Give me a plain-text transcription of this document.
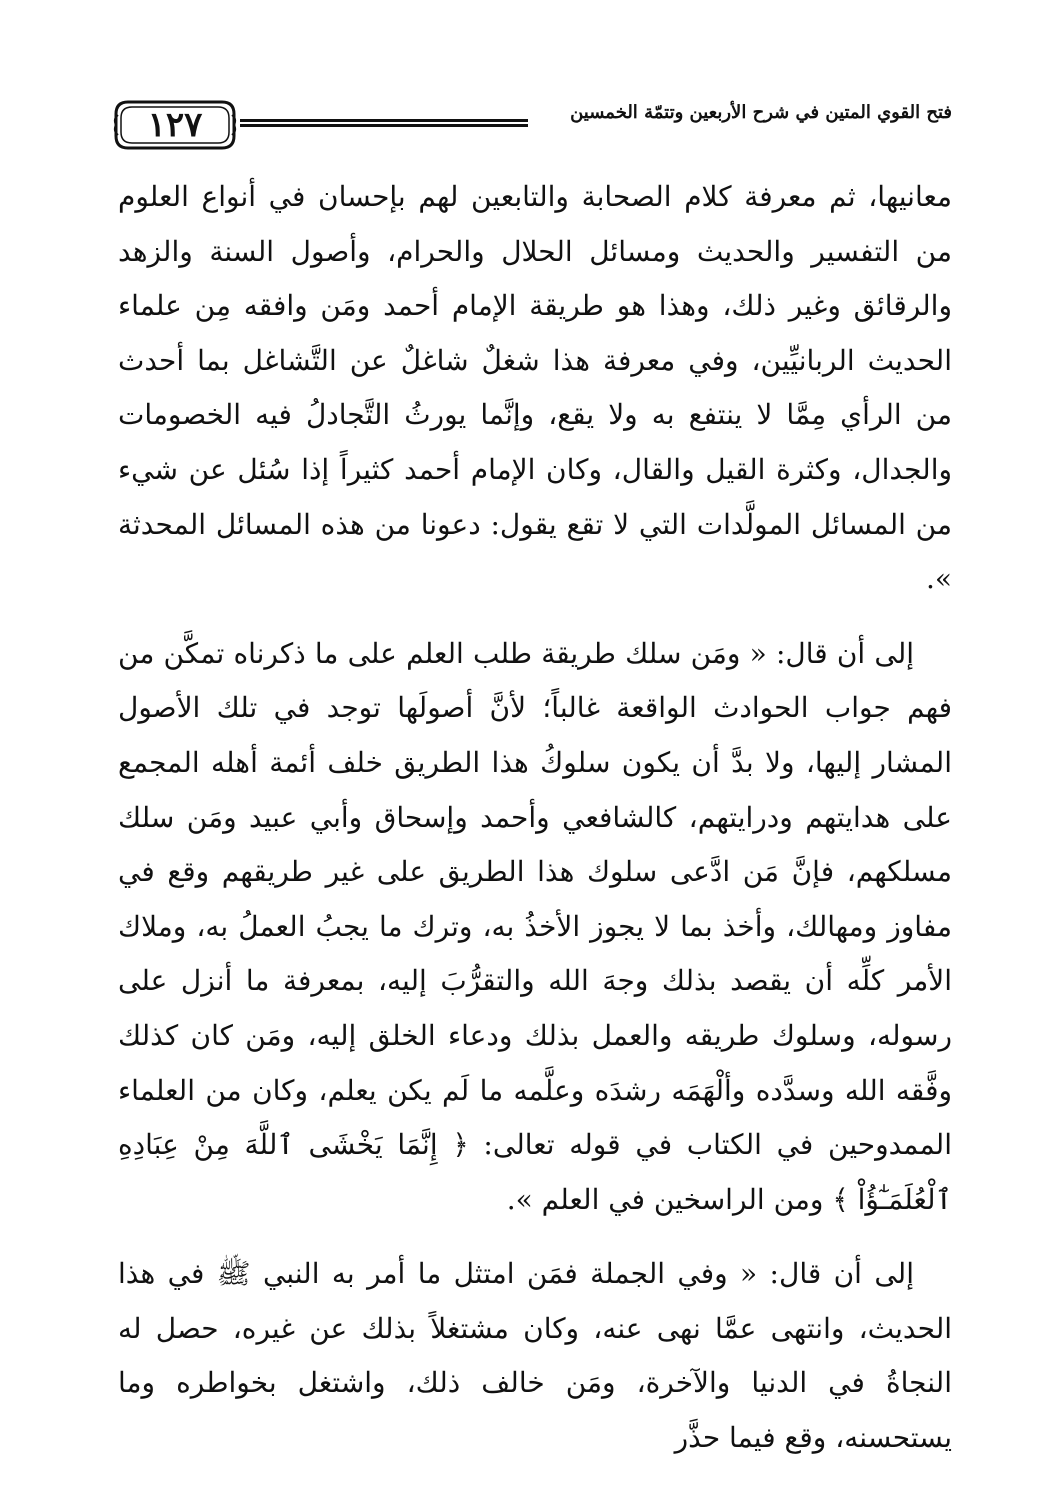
١٢٧	فتح القوي المتين في شرح الأربعين وتتمّة الخمسين

معانيها، ثم معرفة كلام الصحابة والتابعين لهم بإحسان في أنواع العلوم من التفسير والحديث ومسائل الحلال والحرام، وأصول السنة والزهد والرقائق وغير ذلك، وهذا هو طريقة الإمام أحمد ومَن وافقه مِن علماء الحديث الربانيِّين، وفي معرفة هذا شغلٌ شاغلٌ عن التَّشاغل بما أحدث من الرأي مِمَّا لا ينتفع به ولا يقع، وإنَّما يورثُ التَّجادلُ فيه الخصومات والجدال، وكثرة القيل والقال، وكان الإمام أحمد كثيراً إذا سُئل عن شيء من المسائل المولَّدات التي لا تقع يقول: دعونا من هذه المسائل المحدثة ».

إلى أن قال: « ومَن سلك طريقة طلب العلم على ما ذكرناه تمكَّن من فهم جواب الحوادث الواقعة غالباً؛ لأنَّ أصولَها توجد في تلك الأصول المشار إليها، ولا بدَّ أن يكون سلوكُ هذا الطريق خلف أئمة أهله المجمع على هدايتهم ودرايتهم، كالشافعي وأحمد وإسحاق وأبي عبيد ومَن سلك مسلكهم، فإنَّ مَن ادَّعى سلوك هذا الطريق على غير طريقهم وقع في مفاوز ومهالك، وأخذ بما لا يجوز الأخذُ به، وترك ما يجبُ العملُ به، وملاك الأمر كلِّه أن يقصد بذلك وجهَ الله والتقرُّبَ إليه، بمعرفة ما أنزل على رسوله، وسلوك طريقه والعمل بذلك ودعاء الخلق إليه، ومَن كان كذلك وفَّقه الله وسدَّده وألْهَمَه رشدَه وعلَّمه ما لَم يكن يعلم، وكان من العلماء الممدوحين في الكتاب في قوله تعالى: ﴿ إِنَّمَا يَخْشَى ٱللَّهَ مِنْ عِبَادِهِ ٱلْعُلَمَـٰٓؤُاْ ﴾ ومن الراسخين في العلم ».

إلى أن قال: « وفي الجملة فمَن امتثل ما أمر به النبي ﷺ في هذا الحديث، وانتهى عمَّا نهى عنه، وكان مشتغلاً بذلك عن غيره، حصل له النجاةُ في الدنيا والآخرة، ومَن خالف ذلك، واشتغل بخواطره وما يستحسنه، وقع فيما حذَّر
